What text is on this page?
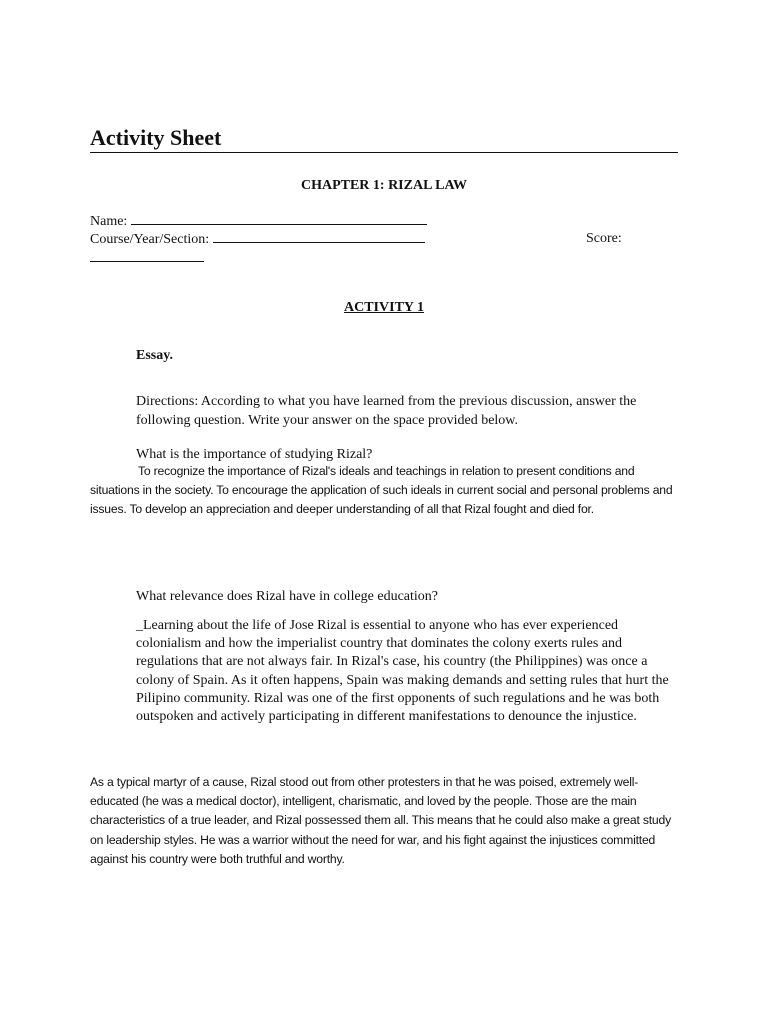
Activity Sheet
CHAPTER 1: RIZAL LAW
Name:
Course/Year/Section:	Score:
ACTIVITY 1
Essay.
Directions: According to what you have learned from the previous discussion, answer the following question. Write your answer on the space provided below.
What is the importance of studying Rizal?
To recognize the importance of Rizal's ideals and teachings in relation to present conditions and situations in the society. To encourage the application of such ideals in current social and personal problems and issues. To develop an appreciation and deeper understanding of all that Rizal fought and died for.
What relevance does Rizal have in college education?
_Learning about the life of Jose Rizal is essential to anyone who has ever experienced colonialism and how the imperialist country that dominates the colony exerts rules and regulations that are not always fair. In Rizal's case, his country (the Philippines) was once a colony of Spain. As it often happens, Spain was making demands and setting rules that hurt the Pilipino community. Rizal was one of the first opponents of such regulations and he was both outspoken and actively participating in different manifestations to denounce the injustice.
As a typical martyr of a cause, Rizal stood out from other protesters in that he was poised, extremely well-educated (he was a medical doctor), intelligent, charismatic, and loved by the people. Those are the main characteristics of a true leader, and Rizal possessed them all. This means that he could also make a great study on leadership styles. He was a warrior without the need for war, and his fight against the injustices committed against his country were both truthful and worthy.
